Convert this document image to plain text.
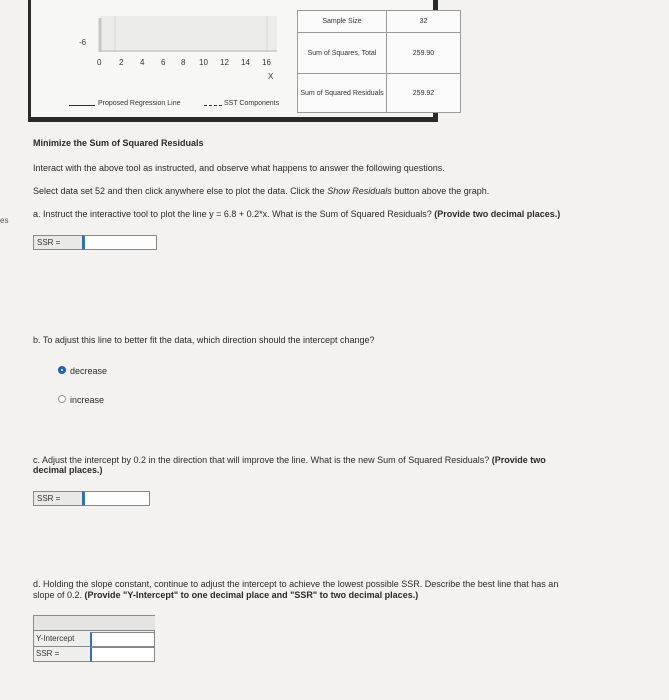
es
-6
0 2 4 6 8 10 12 14 16
X
Proposed Regression Line	SST Components
Sample Size	32
Sum of Squares, Total	259.90
Sum of Squared Residuals	259.92
Minimize the Sum of Squared Residuals
Interact with the above tool as instructed, and observe what happens to answer the following questions.
Select data set 52 and then click anywhere else to plot the data. Click the Show Residuals button above the graph.
a. Instruct the interactive tool to plot the line y = 6.8 + 0.2*x. What is the Sum of Squared Residuals? (Provide two decimal places.)
SSR =
b. To adjust this line to better fit the data, which direction should the intercept change?
decrease
increase
c. Adjust the intercept by 0.2 in the direction that will improve the line. What is the new Sum of Squared Residuals? (Provide two
decimal places.)
SSR =
d. Holding the slope constant, continue to adjust the intercept to achieve the lowest possible SSR. Describe the best line that has an
slope of 0.2. (Provide "Y-Intercept" to one decimal place and "SSR" to two decimal places.)
Y-Intercept
SSR =
